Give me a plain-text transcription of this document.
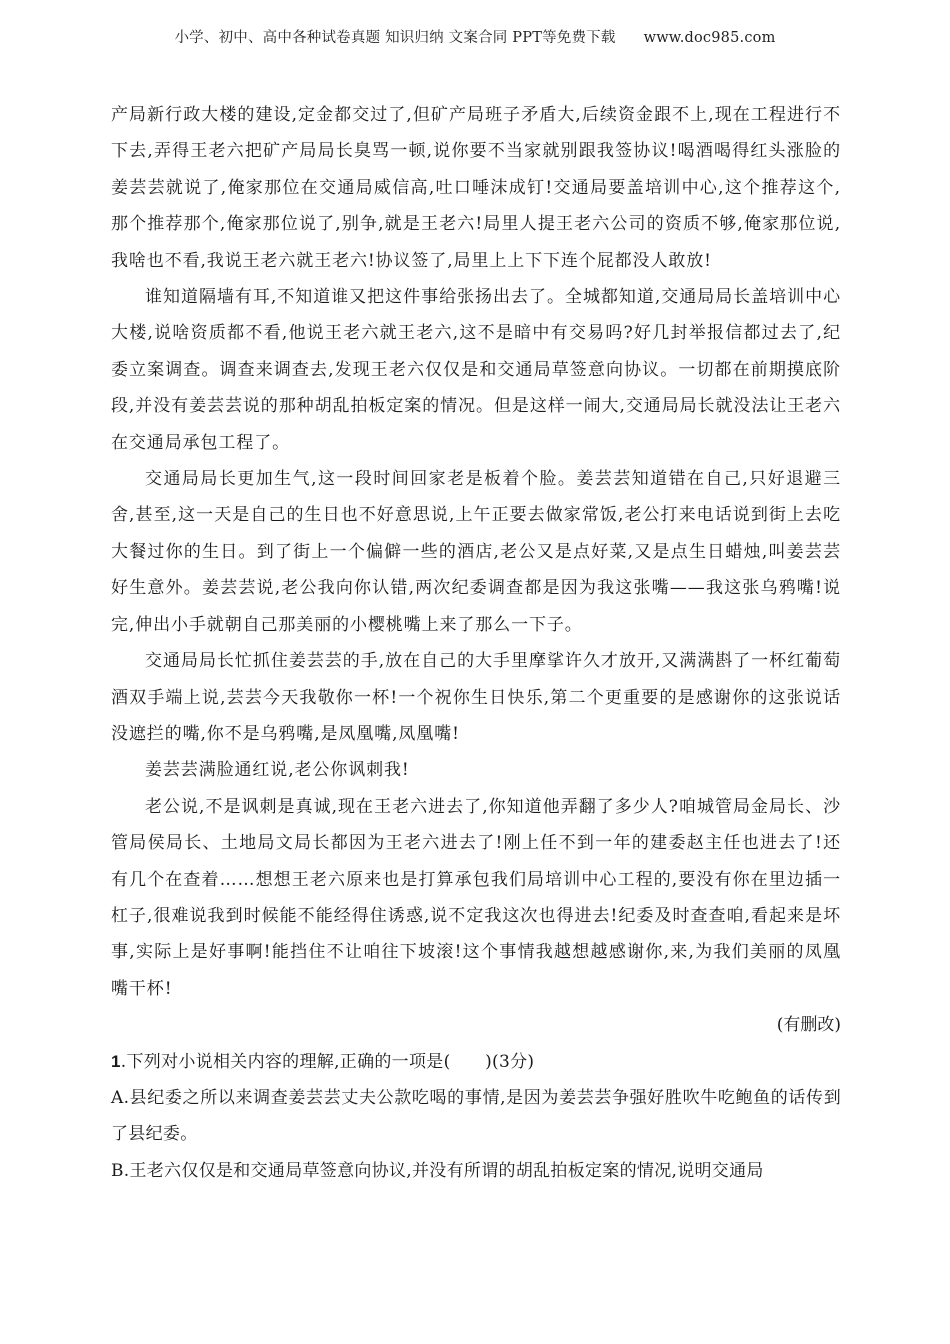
小学、初中、高中各种试卷真题 知识归纳 文案合同 PPT等免费下载 www.doc985.com

产局新行政大楼的建设,定金都交过了,但矿产局班子矛盾大,后续资金跟不上,现在工程进行不下去,弄得王老六把矿产局局长臭骂一顿,说你要不当家就别跟我签协议!喝酒喝得红头涨脸的姜芸芸就说了,俺家那位在交通局威信高,吐口唾沫成钉!交通局要盖培训中心,这个推荐这个,那个推荐那个,俺家那位说了,别争,就是王老六!局里人提王老六公司的资质不够,俺家那位说,我啥也不看,我说王老六就王老六!协议签了,局里上上下下连个屁都没人敢放!

谁知道隔墙有耳,不知道谁又把这件事给张扬出去了。全城都知道,交通局局长盖培训中心大楼,说啥资质都不看,他说王老六就王老六,这不是暗中有交易吗?好几封举报信都过去了,纪委立案调查。调查来调查去,发现王老六仅仅是和交通局草签意向协议。一切都在前期摸底阶段,并没有姜芸芸说的那种胡乱拍板定案的情况。但是这样一闹大,交通局局长就没法让王老六在交通局承包工程了。

交通局局长更加生气,这一段时间回家老是板着个脸。姜芸芸知道错在自己,只好退避三舍,甚至,这一天是自己的生日也不好意思说,上午正要去做家常饭,老公打来电话说到街上去吃大餐过你的生日。到了街上一个偏僻一些的酒店,老公又是点好菜,又是点生日蜡烛,叫姜芸芸好生意外。姜芸芸说,老公我向你认错,两次纪委调查都是因为我这张嘴——我这张乌鸦嘴!说完,伸出小手就朝自己那美丽的小樱桃嘴上来了那么一下子。

交通局局长忙抓住姜芸芸的手,放在自己的大手里摩挲许久才放开,又满满斟了一杯红葡萄酒双手端上说,芸芸今天我敬你一杯!一个祝你生日快乐,第二个更重要的是感谢你的这张说话没遮拦的嘴,你不是乌鸦嘴,是凤凰嘴,凤凰嘴!

姜芸芸满脸通红说,老公你讽刺我!

老公说,不是讽刺是真诚,现在王老六进去了,你知道他弄翻了多少人?咱城管局金局长、沙管局侯局长、土地局文局长都因为王老六进去了!刚上任不到一年的建委赵主任也进去了!还有几个在查着……想想王老六原来也是打算承包我们局培训中心工程的,要没有你在里边插一杠子,很难说我到时候能不能经得住诱惑,说不定我这次也得进去!纪委及时查查咱,看起来是坏事,实际上是好事啊!能挡住不让咱往下坡滚!这个事情我越想越感谢你,来,为我们美丽的凤凰嘴干杯!

(有删改)

1.下列对小说相关内容的理解,正确的一项是(　　)(3分)

A.县纪委之所以来调查姜芸芸丈夫公款吃喝的事情,是因为姜芸芸争强好胜吹牛吃鲍鱼的话传到了县纪委。

B.王老六仅仅是和交通局草签意向协议,并没有所谓的胡乱拍板定案的情况,说明交通局
